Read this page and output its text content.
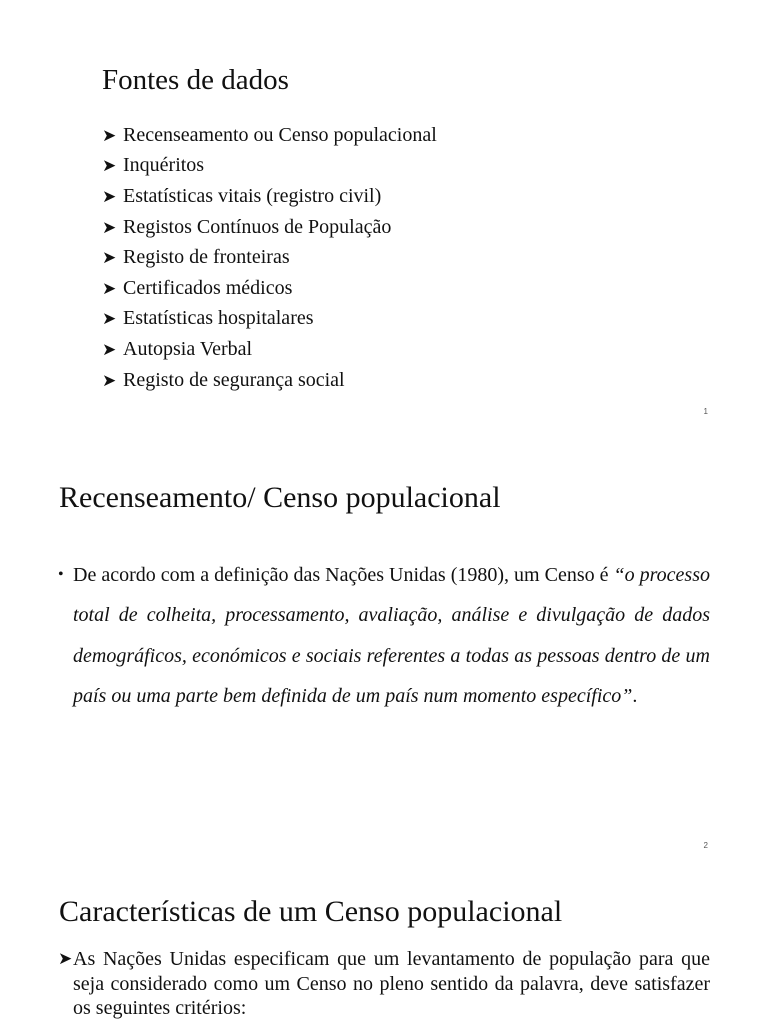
Fontes de dados
➤ Recenseamento ou Censo populacional
➤ Inquéritos
➤ Estatísticas vitais (registro civil)
➤ Registos Contínuos de População
➤ Registo de fronteiras
➤ Certificados médicos
➤ Estatísticas hospitalares
➤ Autopsia Verbal
➤ Registo de segurança social
1
Recenseamento/ Censo populacional
• De acordo com a definição das Nações Unidas (1980), um Censo é “o processo total de colheita, processamento, avaliação, análise e divulgação de dados demográficos, económicos e sociais referentes a todas as pessoas dentro de um país ou uma parte bem definida de um país num momento específico”.

2
Características de um Censo populacional
➤ As Nações Unidas especificam que um levantamento de população para que seja considerado como um Censo no pleno sentido da palavra, deve satisfazer os seguintes critérios:
